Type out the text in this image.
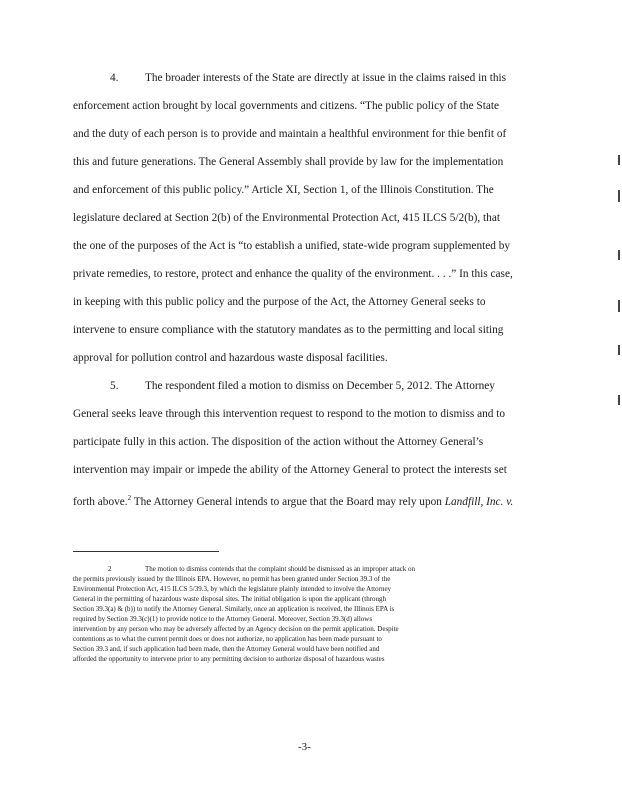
4. The broader interests of the State are directly at issue in the claims raised in this
enforcement action brought by local governments and citizens. “The public policy of the State
and the duty of each person is to provide and maintain a healthful environment for thie benfit of
this and future generations. The General Assembly shall provide by law for the implementation
and enforcement of this public policy.” Article XI, Section 1, of the Illinois Constitution. The
legislature declared at Section 2(b) of the Environmental Protection Act, 415 ILCS 5/2(b), that
the one of the purposes of the Act is “to establish a unified, state-wide program supplemented by
private remedies, to restore, protect and enhance the quality of the environment. . . .” In this case,
in keeping with this public policy and the purpose of the Act, the Attorney General seeks to
intervene to ensure compliance with the statutory mandates as to the permitting and local siting
approval for pollution control and hazardous waste disposal facilities.
5. The respondent filed a motion to dismiss on December 5, 2012. The Attorney
General seeks leave through this intervention request to respond to the motion to dismiss and to
participate fully in this action. The disposition of the action without the Attorney General’s
intervention may impair or impede the ability of the Attorney General to protect the interests set
forth above.$^2$ The Attorney General intends to argue that the Board may rely upon Landfill, Inc. v.
2	The motion to dismiss contends that the complaint should be dismissed as an improper attack on
the permits previously issued by the Illinois EPA. However, no permit has been granted under Section 39.3 of the
Environmental Protection Act, 415 ILCS 5/39.3, by which the legislature plainly intended to involve the Attorney
General in the permitting of hazardous waste disposal sites. The initial obligation is upon the applicant (through
Section 39.3(a) & (b)) to notify the Attorney General. Similarly, once an application is received, the Illinois EPA is
required by Section 39.3(c)(1) to provide notice to the Attorney General. Moreover, Section 39.3(d) allows
intervention by any person who may be adversely affected by an Agency decision on the permit application. Despite
contentions as to what the current permit does or does not authorize, no application has been made pursuant to
Section 39.3 and, if such application had been made, then the Attorney General would have been notified and
afforded the opportunity to intervene prior to any permitting decision to authorize disposal of hazardous wastes
-3-
